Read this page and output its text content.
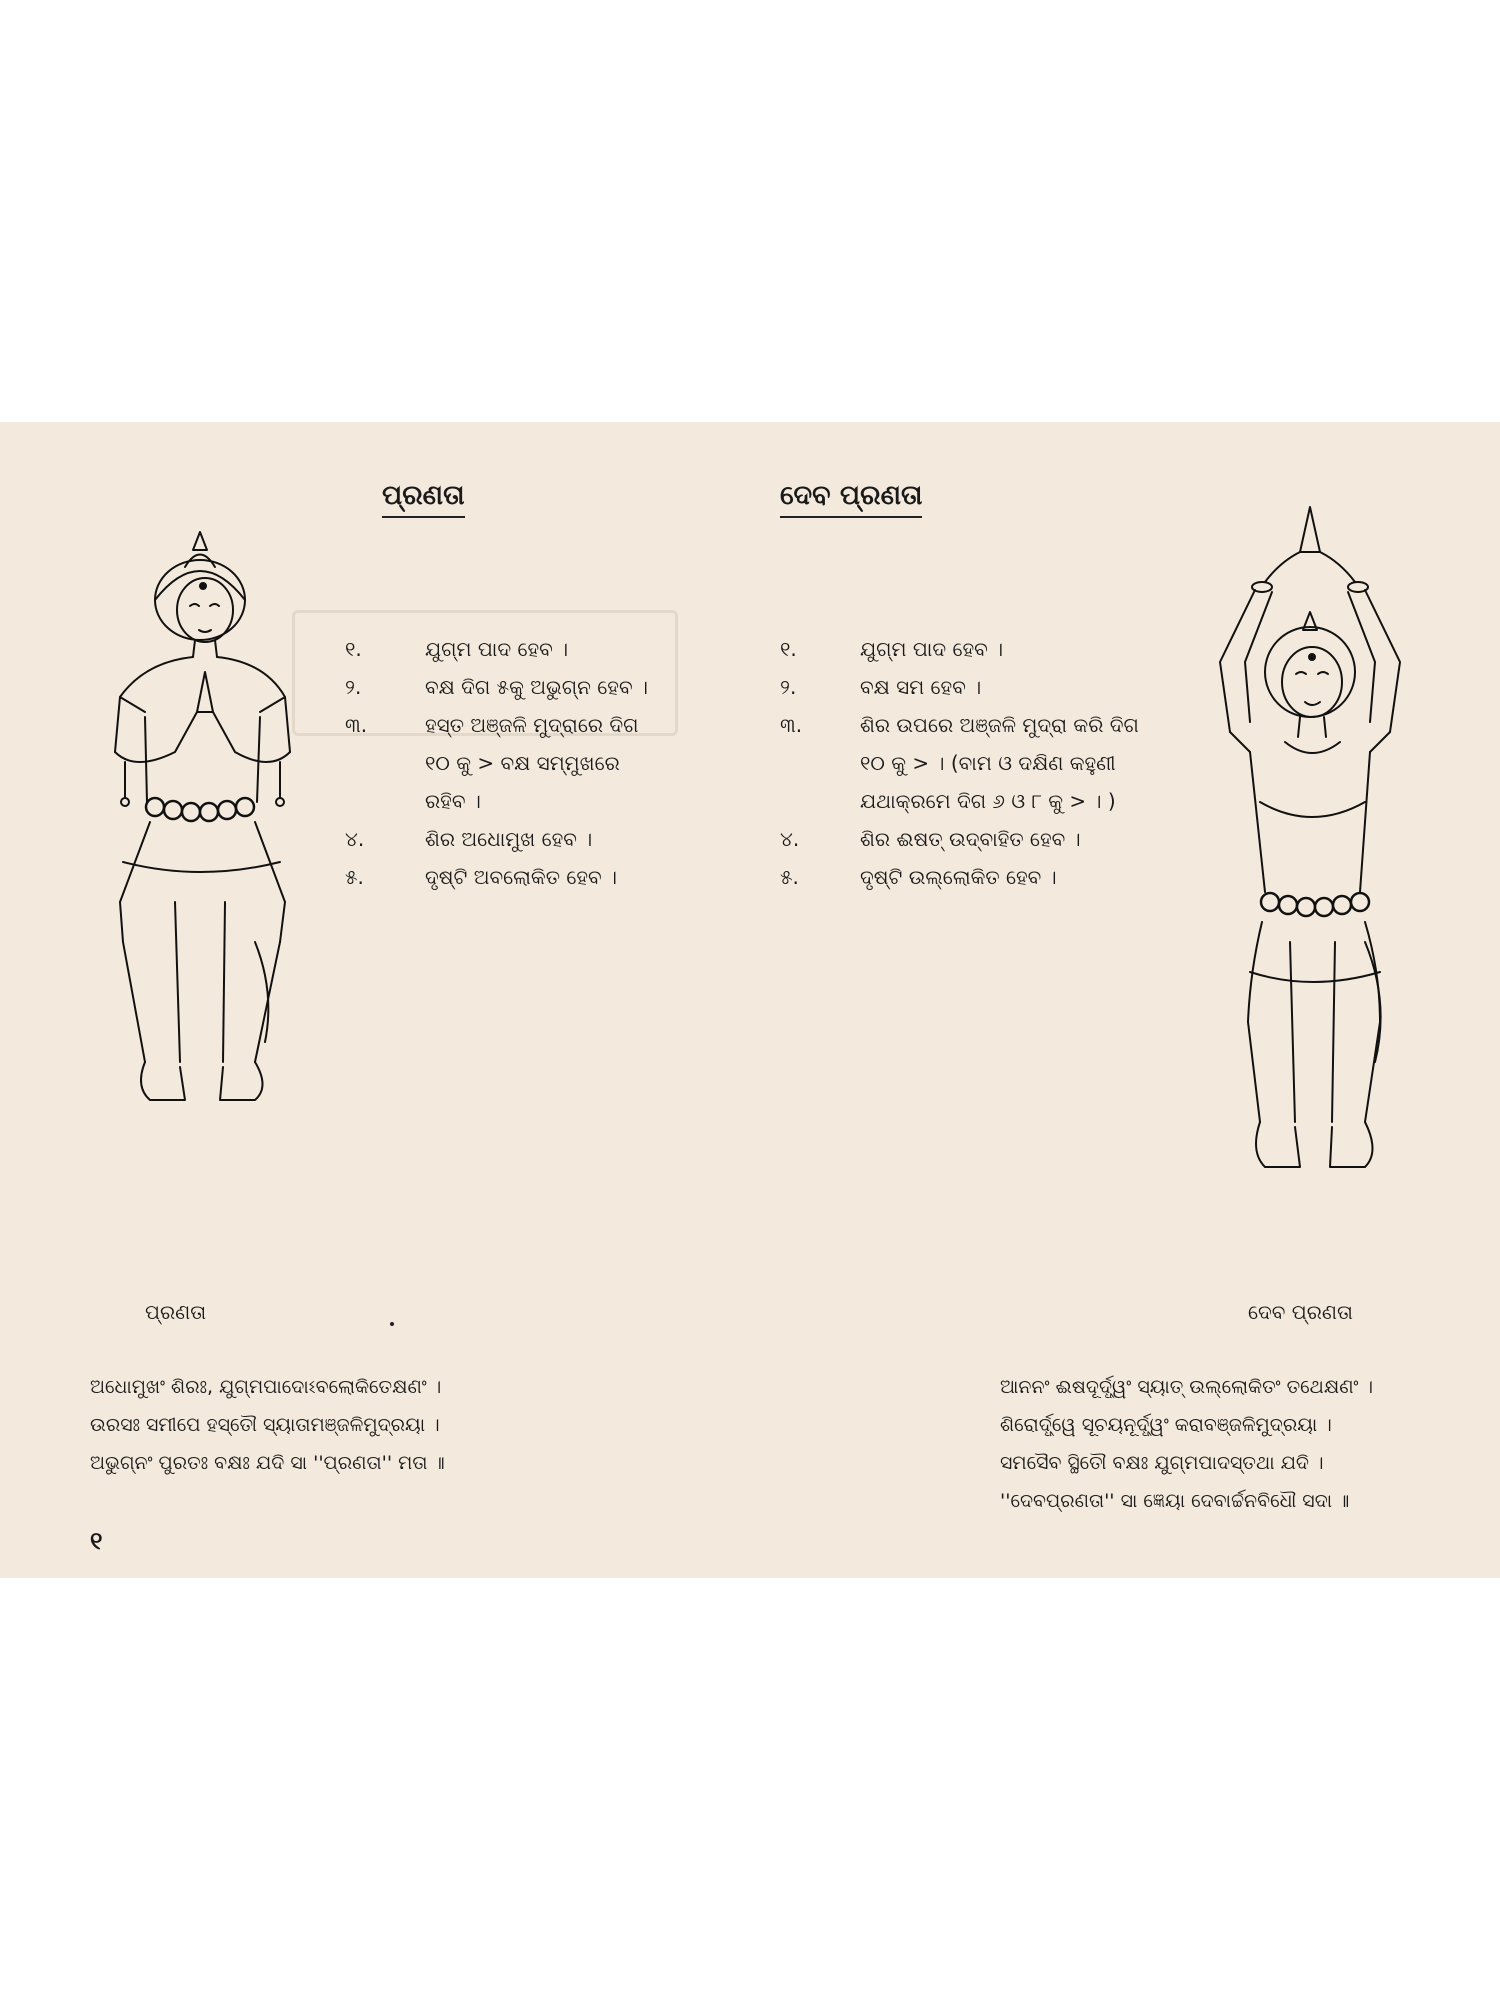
ପ୍ରଣତା	ଦେବ ପ୍ରଣତା
୧.	ଯୁଗ୍ମ ପାଦ ହେବ ।
୨.	ବକ୍ଷ ଦିଗ ୫କୁ ଅଭୁଗ୍ନ ହେବ ।
୩.	ହସ୍ତ ଅଞ୍ଜଳି ମୁଦ୍ରାରେ ଦିଗ
୧୦ କୁ > ବକ୍ଷ ସମ୍ମୁଖରେ
ରହିବ ।
୪.	ଶିର ଅଧୋମୁଖ ହେବ ।
୫.	ଦୃଷ୍ଟି ଅବଲୋକିତ ହେବ ।
୧.	ଯୁଗ୍ମ ପାଦ ହେବ ।
୨.	ବକ୍ଷ ସମ ହେବ ।
୩.	ଶିର ଉପରେ ଅଞ୍ଜଳି ମୁଦ୍ରା କରି ଦିଗ
୧୦ କୁ > । (ବାମ ଓ ଦକ୍ଷିଣ କହୁଣୀ
ଯଥାକ୍ରମେ ଦିଗ ୬ ଓ ୮ କୁ > । )
୪.	ଶିର ଈଷତ୍ ଉଦ୍‌ବାହିତ ହେବ ।
୫.	ଦୃଷ୍ଟି ଉଲ୍ଲୋକିତ ହେବ ।
ପ୍ରଣତା	ଦେବ ପ୍ରଣତା
ଅଧୋମୁଖଂ ଶିରଃ, ଯୁଗ୍ମପାଦୋଽବଲୋକିତେକ୍ଷଣଂ ।
ଉରସଃ ସମୀପେ ହସ୍ତୌ ସ୍ୟାତାମଞ୍ଜଳିମୁଦ୍ରୟା ।
ଅଭୁଗ୍ନଂ ପୁରତଃ ବକ୍ଷଃ ଯଦି ସା ''ପ୍ରଣତା'' ମତା ॥
ଆନନଂ ଈଷଦୂର୍ଦ୍ଧ୍ୱଂ ସ୍ୟାତ୍ ଉଲ୍ଲୋକିତଂ ତଥେକ୍ଷଣଂ ।
ଶିରୋର୍ଦ୍ଧ୍ୱେ ସୂଚୟନୂର୍ଦ୍ଧ୍ୱଂ କରାବଞ୍ଜଳିମୁଦ୍ରୟା ।
ସମସୈବ ସ୍ଥିତୌ ବକ୍ଷଃ ଯୁଗ୍ମପାଦସ୍ତଥା ଯଦି ।
''ଦେବପ୍ରଣତା'' ସା ଜ୍ଞେୟା ଦେବାର୍ଚ୍ଚନବିଧୌ ସଦା ॥
୧
